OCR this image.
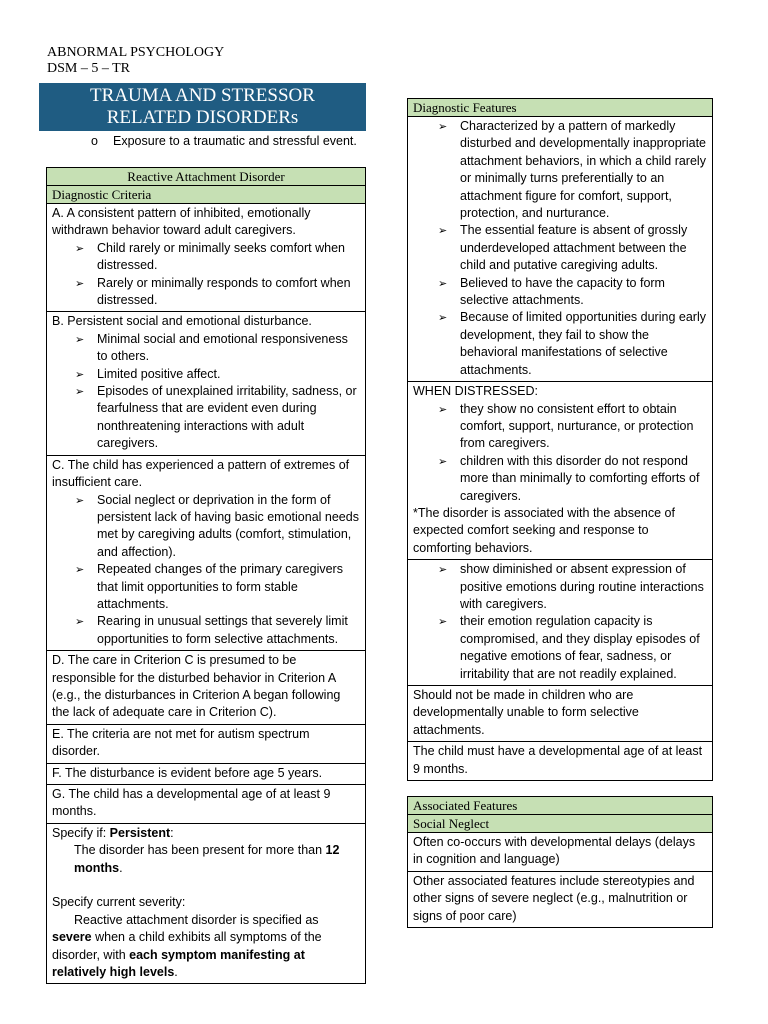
ABNORMAL PSYCHOLOGY
DSM – 5 – TR
TRAUMA AND STRESSOR
RELATED DISORDERs
o Exposure to a traumatic and stressful event.
Reactive Attachment Disorder
Diagnostic Criteria

A. A consistent pattern of inhibited, emotionally withdrawn behavior toward adult caregivers.

➢ Child rarely or minimally seeks comfort when distressed.
➢ Rarely or minimally responds to comfort when distressed.

B. Persistent social and emotional disturbance.

➢ Minimal social and emotional responsiveness to others.
➢ Limited positive affect.
➢ Episodes of unexplained irritability, sadness, or fearfulness that are evident even during nonthreatening interactions with adult caregivers.

C. The child has experienced a pattern of extremes of insufficient care.

➢ Social neglect or deprivation in the form of persistent lack of having basic emotional needs met by caregiving adults (comfort, stimulation, and affection).
➢ Repeated changes of the primary caregivers that limit opportunities to form stable attachments.
➢ Rearing in unusual settings that severely limit opportunities to form selective attachments.
D. The care in Criterion C is presumed to be responsible for the disturbed behavior in Criterion A (e.g., the disturbances in Criterion A began following the lack of adequate care in Criterion C).
E. The criteria are not met for autism spectrum disorder.
F. The disturbance is evident before age 5 years.
G. The child has a developmental age of at least 9 months.

Specify if: Persistent:

The disorder has been present for more than 12 months.

Specify current severity:

Reactive attachment disorder is specified as severe when a child exhibits all symptoms of the disorder, with each symptom manifesting at relatively high levels.

Diagnostic Features
➢ Characterized by a pattern of markedly disturbed and developmentally inappropriate attachment behaviors, in which a child rarely or minimally turns preferentially to an attachment figure for comfort, support, protection, and nurturance.
➢ The essential feature is absent of grossly underdeveloped attachment between the child and putative caregiving adults.
➢ Believed to have the capacity to form selective attachments.
➢ Because of limited opportunities during early development, they fail to show the behavioral manifestations of selective attachments.

WHEN DISTRESSED:

➢ they show no consistent effort to obtain comfort, support, nurturance, or protection from caregivers.
➢ children with this disorder do not respond more than minimally to comforting efforts of caregivers.

*The disorder is associated with the absence of expected comfort seeking and response to comforting behaviors.

➢ show diminished or absent expression of positive emotions during routine interactions with caregivers.
➢ their emotion regulation capacity is compromised, and they display episodes of negative emotions of fear, sadness, or irritability that are not readily explained.
Should not be made in children who are developmentally unable to form selective attachments.
The child must have a developmental age of at least 9 months.
Associated Features
Social Neglect
Often co-occurs with developmental delays (delays in cognition and language)
Other associated features include stereotypies and other signs of severe neglect (e.g., malnutrition or signs of poor care)
